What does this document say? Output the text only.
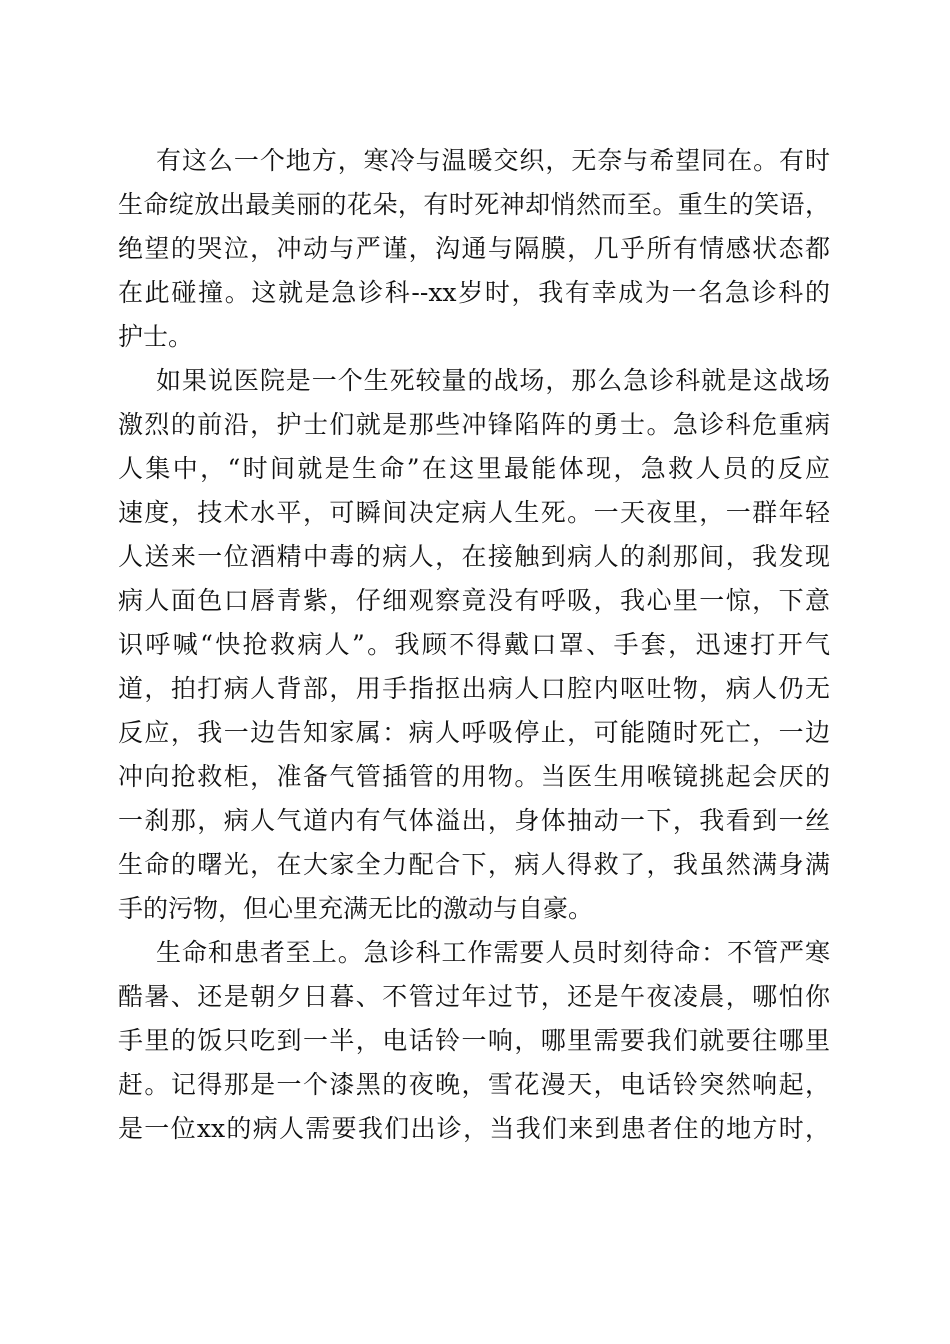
有这么一个地方，寒冷与温暖交织，无奈与希望同在。有时
生命绽放出最美丽的花朵，有时死神却悄然而至。重生的笑语，
绝望的哭泣，冲动与严谨，沟通与隔膜，几乎所有情感状态都
在此碰撞。这就是急诊科--xx岁时，我有幸成为一名急诊科的
护士。
如果说医院是一个生死较量的战场，那么急诊科就是这战场
激烈的前沿，护士们就是那些冲锋陷阵的勇士。急诊科危重病
人集中，“时间就是生命”在这里最能体现，急救人员的反应
速度，技术水平，可瞬间决定病人生死。一天夜里，一群年轻
人送来一位酒精中毒的病人，在接触到病人的刹那间，我发现
病人面色口唇青紫，仔细观察竟没有呼吸，我心里一惊，下意
识呼喊“快抢救病人”。我顾不得戴口罩、手套，迅速打开气
道，拍打病人背部，用手指抠出病人口腔内呕吐物，病人仍无
反应，我一边告知家属：病人呼吸停止，可能随时死亡，一边
冲向抢救柜，准备气管插管的用物。当医生用喉镜挑起会厌的
一刹那，病人气道内有气体溢出，身体抽动一下，我看到一丝
生命的曙光，在大家全力配合下，病人得救了，我虽然满身满
手的污物，但心里充满无比的激动与自豪。
生命和患者至上。急诊科工作需要人员时刻待命：不管严寒
酷暑、还是朝夕日暮、不管过年过节，还是午夜凌晨，哪怕你
手里的饭只吃到一半，电话铃一响，哪里需要我们就要往哪里
赶。记得那是一个漆黑的夜晚，雪花漫天，电话铃突然响起，
是一位xx的病人需要我们出诊，当我们来到患者住的地方时，
